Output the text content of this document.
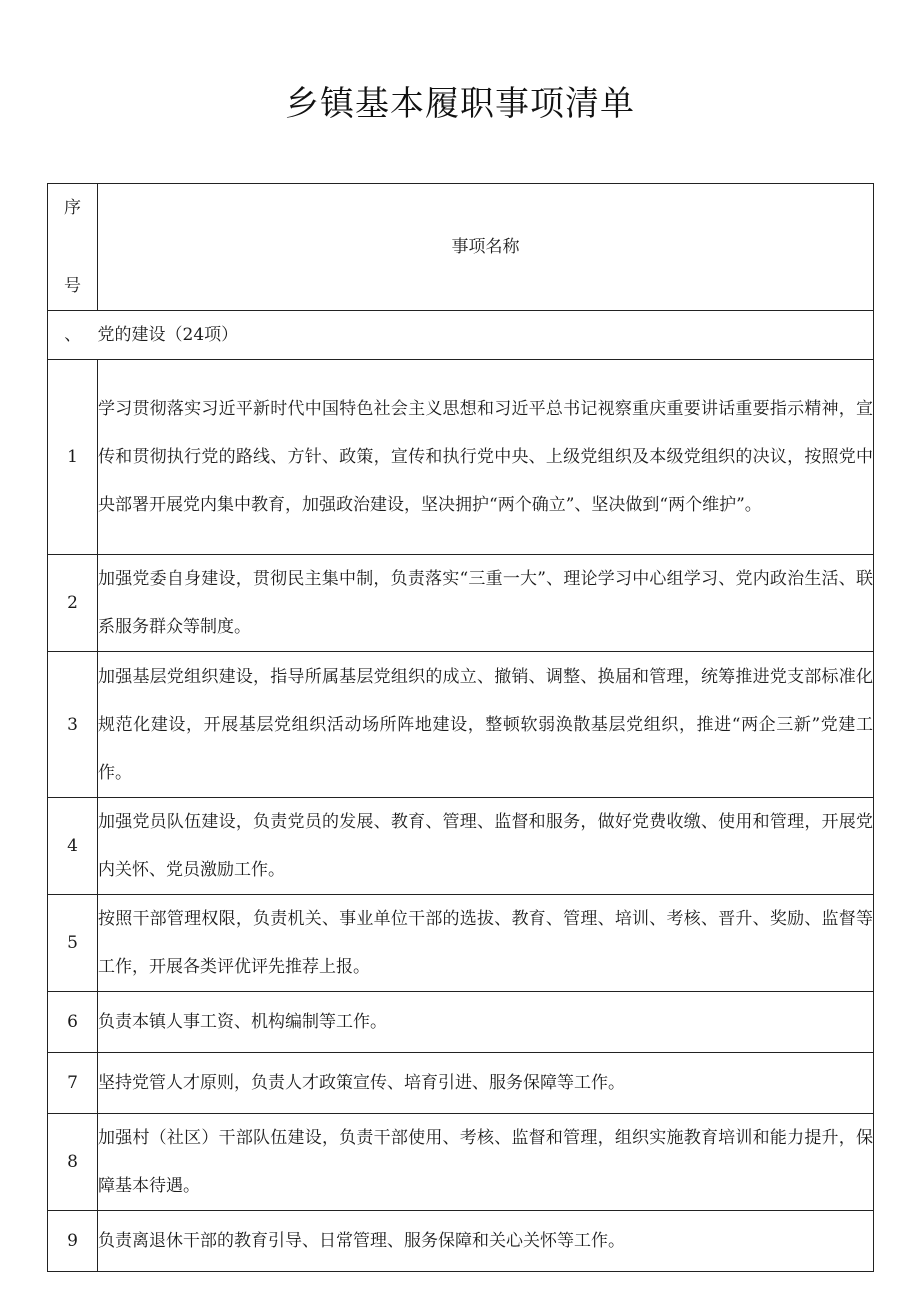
乡镇基本履职事项清单
序
号	事项名称
、	党的建设（24项）
1	学习贯彻落实习近平新时代中国特色社会主义思想和习近平总书记视察重庆重要讲话重要指示精神，宣传和贯彻执行党的路线、方针、政策，宣传和执行党中央、上级党组织及本级党组织的决议，按照党中央部署开展党内集中教育，加强政治建设，坚决拥护“两个确立”、坚决做到“两个维护”。
2	加强党委自身建设，贯彻民主集中制，负责落实“三重一大”、理论学习中心组学习、党内政治生活、联系服务群众等制度。
3	加强基层党组织建设，指导所属基层党组织的成立、撤销、调整、换届和管理，统筹推进党支部标准化规范化建设，开展基层党组织活动场所阵地建设，整顿软弱涣散基层党组织，推进“两企三新”党建工作。
4	加强党员队伍建设，负责党员的发展、教育、管理、监督和服务，做好党费收缴、使用和管理，开展党内关怀、党员激励工作。
5	按照干部管理权限，负责机关、事业单位干部的选拔、教育、管理、培训、考核、晋升、奖励、监督等工作，开展各类评优评先推荐上报。
6	负责本镇人事工资、机构编制等工作。
7	坚持党管人才原则，负责人才政策宣传、培育引进、服务保障等工作。
8	加强村（社区）干部队伍建设，负责干部使用、考核、监督和管理，组织实施教育培训和能力提升，保障基本待遇。
9	负责离退休干部的教育引导、日常管理、服务保障和关心关怀等工作。
